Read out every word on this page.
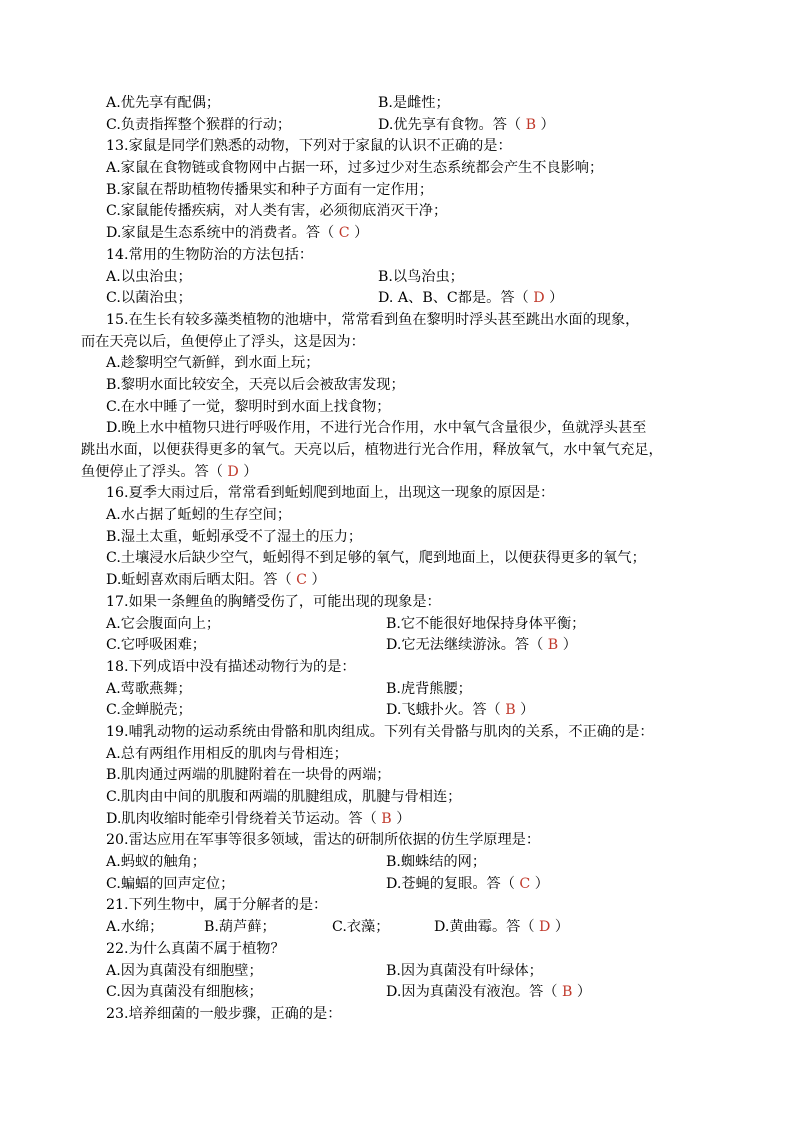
A.优先享有配偶；	B.是雌性；
C.负责指挥整个猴群的行动；	D.优先享有食物。答（ B ）
13.家鼠是同学们熟悉的动物，下列对于家鼠的认识不正确的是：
A.家鼠在食物链或食物网中占据一环，过多过少对生态系统都会产生不良影响；
B.家鼠在帮助植物传播果实和种子方面有一定作用；
C.家鼠能传播疾病，对人类有害，必须彻底消灭干净；
D.家鼠是生态系统中的消费者。答（ C ）
14.常用的生物防治的方法包括：
A.以虫治虫；	B.以鸟治虫；
C.以菌治虫；	D. A、B、C都是。答（ D ）
15.在生长有较多藻类植物的池塘中，常常看到鱼在黎明时浮头甚至跳出水面的现象，
而在天亮以后，鱼便停止了浮头，这是因为：
A.趁黎明空气新鲜，到水面上玩；
B.黎明水面比较安全，天亮以后会被敌害发现；
C.在水中睡了一觉，黎明时到水面上找食物；
D.晚上水中植物只进行呼吸作用，不进行光合作用，水中氧气含量很少，鱼就浮头甚至
跳出水面，以便获得更多的氧气。天亮以后，植物进行光合作用，释放氧气，水中氧气充足，
鱼便停止了浮头。答（ D ）
16.夏季大雨过后，常常看到蚯蚓爬到地面上，出现这一现象的原因是：
A.水占据了蚯蚓的生存空间；
B.湿土太重，蚯蚓承受不了湿土的压力；
C.土壤浸水后缺少空气，蚯蚓得不到足够的氧气，爬到地面上，以便获得更多的氧气；
D.蚯蚓喜欢雨后晒太阳。答（ C ）
17.如果一条鲤鱼的胸鳍受伤了，可能出现的现象是：
A.它会腹面向上；	B.它不能很好地保持身体平衡；
C.它呼吸困难；	D.它无法继续游泳。答（ B ）
18.下列成语中没有描述动物行为的是：
A.莺歌燕舞；	B.虎背熊腰；
C.金蝉脱壳；	D.飞蛾扑火。答（ B ）
19.哺乳动物的运动系统由骨骼和肌肉组成。下列有关骨骼与肌肉的关系，不正确的是：
A.总有两组作用相反的肌肉与骨相连；
B.肌肉通过两端的肌腱附着在一块骨的两端；
C.肌肉由中间的肌腹和两端的肌腱组成，肌腱与骨相连；
D.肌肉收缩时能牵引骨绕着关节运动。答（ B ）
20.雷达应用在军事等很多领域，雷达的研制所依据的仿生学原理是：
A.蚂蚁的触角；	B.蜘蛛结的网；
C.蝙蝠的回声定位；	D.苍蝇的复眼。答（ C ）
21.下列生物中，属于分解者的是：
A.水绵；	B.葫芦藓；	C.衣藻；	D.黄曲霉。答（ D ）
22.为什么真菌不属于植物？
A.因为真菌没有细胞壁；	B.因为真菌没有叶绿体；
C.因为真菌没有细胞核；	D.因为真菌没有液泡。答（ B ）
23.培养细菌的一般步骤，正确的是：
